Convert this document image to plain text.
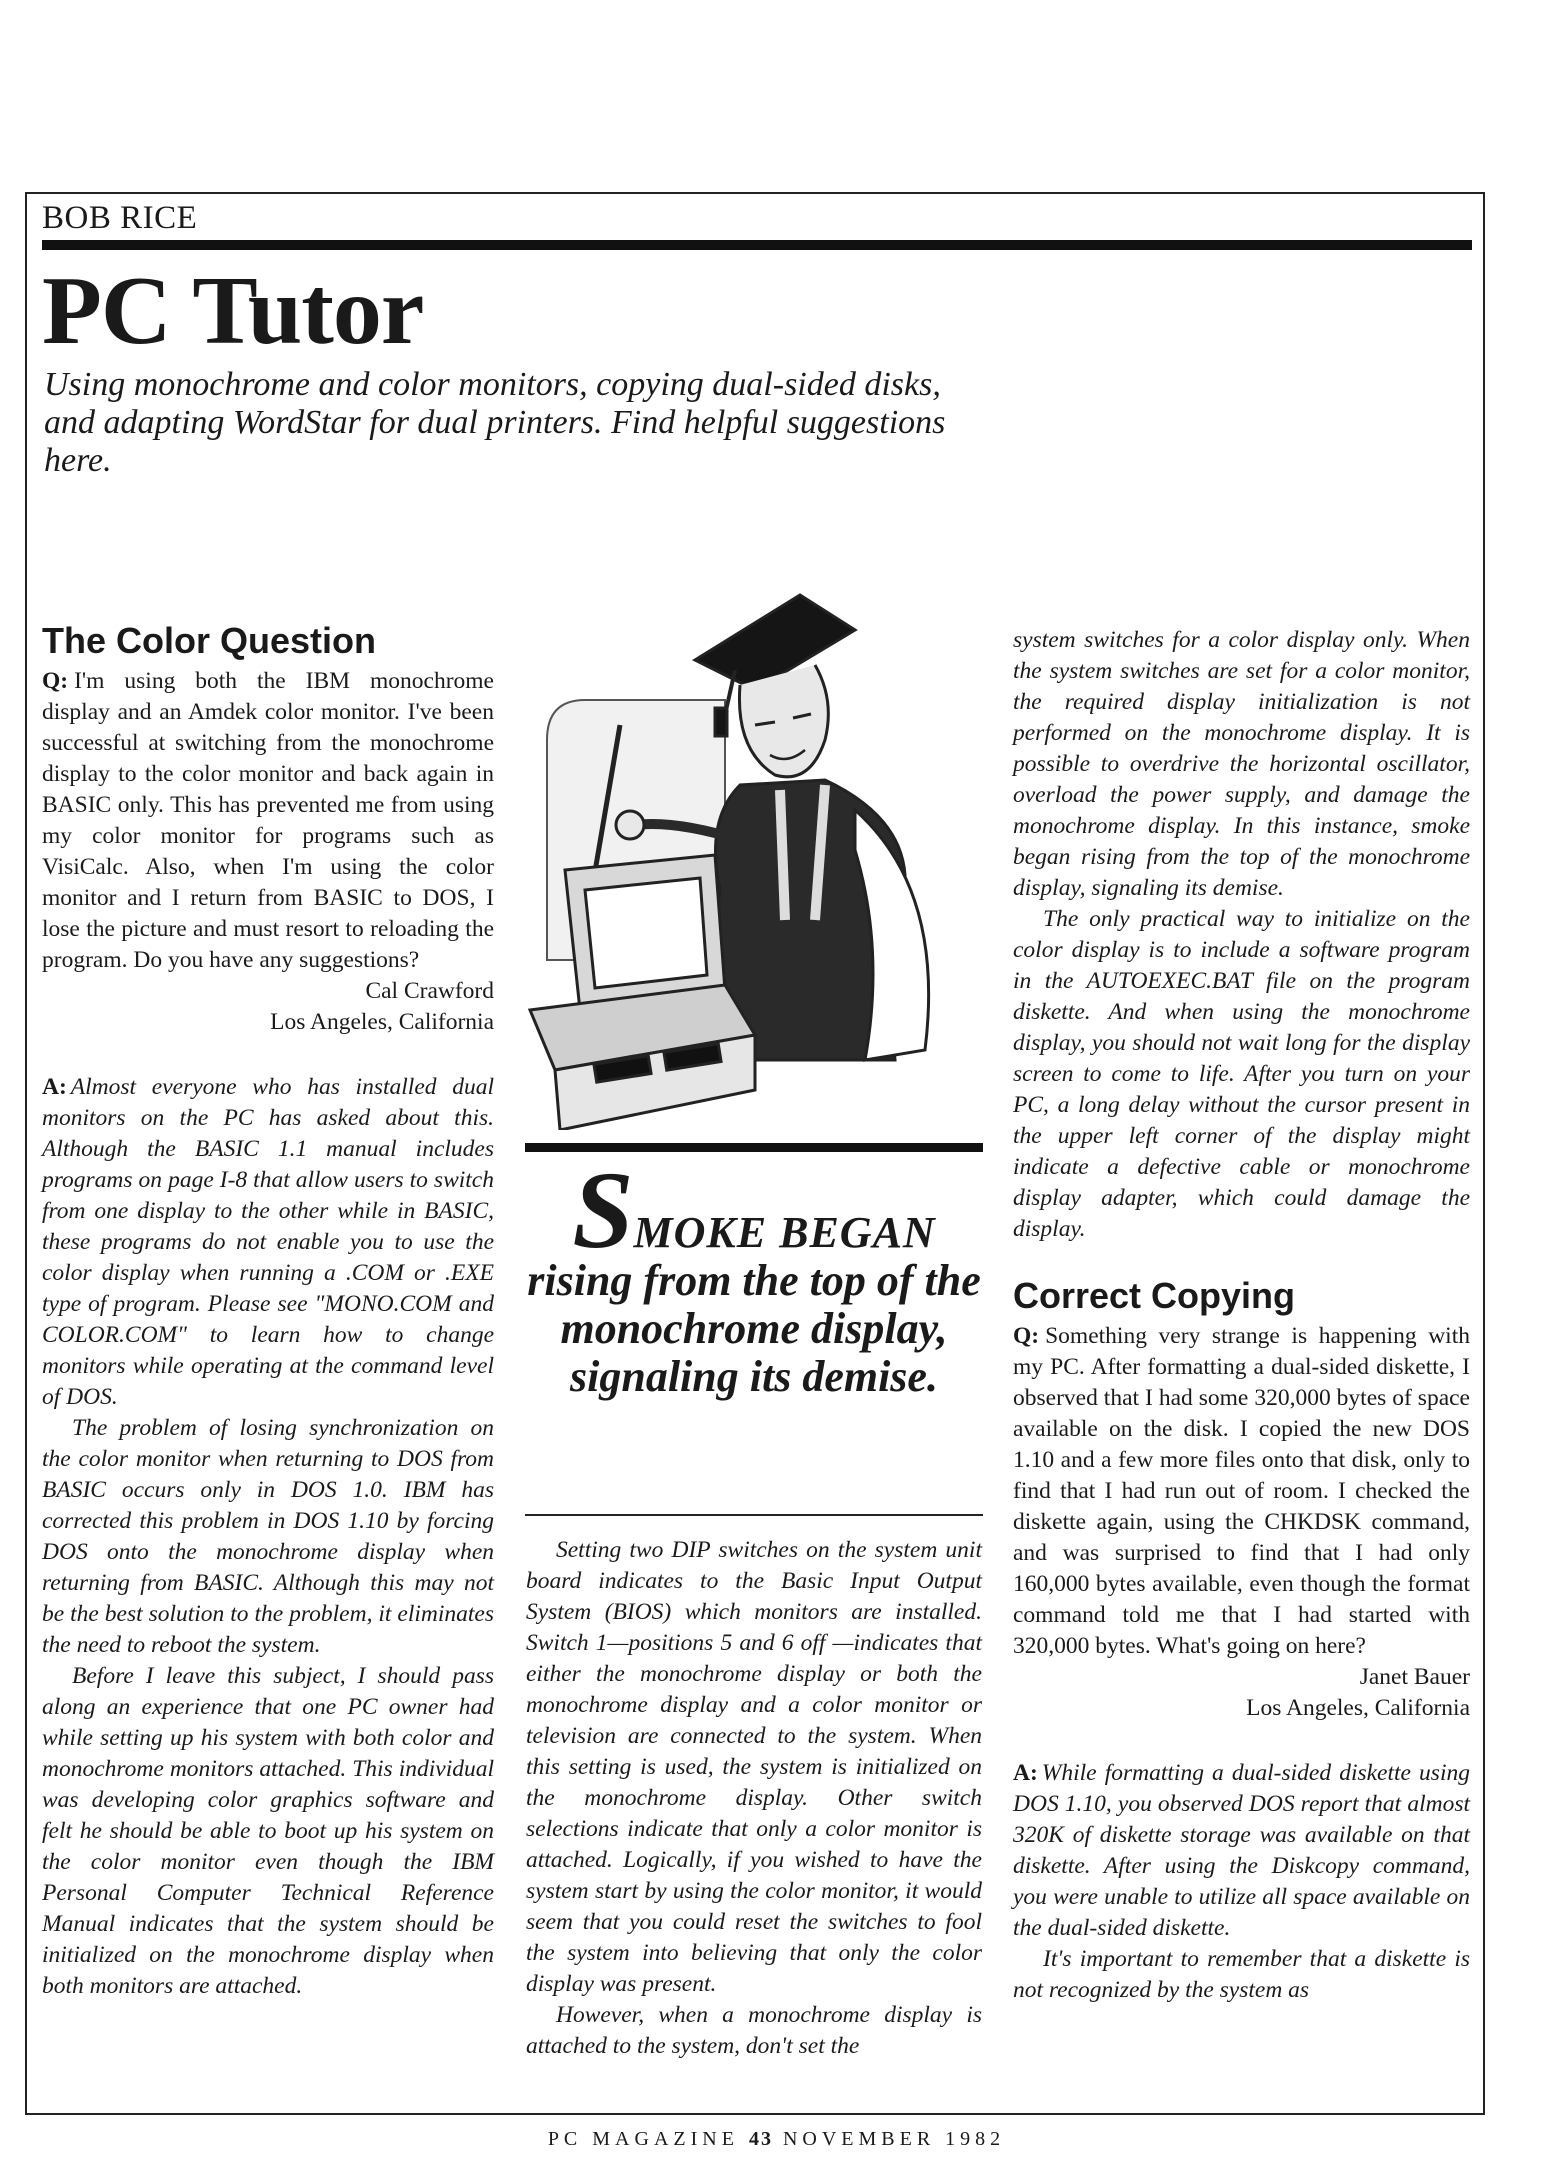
BOB RICE
PC Tutor

Using monochrome and color monitors, copying dual-sided disks, and adapting WordStar for dual printers. Find helpful suggestions here.

The Color Question

Q: I'm using both the IBM monochrome display and an Amdek color monitor. I've been successful at switching from the monochrome display to the color monitor and back again in BASIC only. This has prevented me from using my color monitor for programs such as VisiCalc. Also, when I'm using the color monitor and I return from BASIC to DOS, I lose the picture and must resort to reloading the program. Do you have any suggestions?

Cal Crawford

Los Angeles, California

A: Almost everyone who has installed dual monitors on the PC has asked about this. Although the BASIC 1.1 manual includes programs on page I-8 that allow users to switch from one display to the other while in BASIC, these programs do not enable you to use the color display when running a .COM or .EXE type of program. Please see "MONO.COM and COLOR.COM" to learn how to change monitors while operating at the command level of DOS.

The problem of losing synchronization on the color monitor when returning to DOS from BASIC occurs only in DOS 1.0. IBM has corrected this problem in DOS 1.10 by forcing DOS onto the monochrome display when returning from BASIC. Although this may not be the best solution to the problem, it eliminates the need to reboot the system.

Before I leave this subject, I should pass along an experience that one PC owner had while setting up his system with both color and monochrome monitors attached. This individual was developing color graphics software and felt he should be able to boot up his system on the color monitor even though the IBM Personal Computer Technical Reference Manual indicates that the system should be initialized on the monochrome display when both monitors are attached.

SMOKE BEGAN
rising from the top of the monochrome display, signaling its demise.

Setting two DIP switches on the system unit board indicates to the Basic Input Output System (BIOS) which monitors are installed. Switch 1—positions 5 and 6 off —indicates that either the monochrome display or both the monochrome display and a color monitor or television are connected to the system. When this setting is used, the system is initialized on the monochrome display. Other switch selections indicate that only a color monitor is attached. Logically, if you wished to have the system start by using the color monitor, it would seem that you could reset the switches to fool the system into believing that only the color display was present.

However, when a monochrome display is attached to the system, don't set the

system switches for a color display only. When the system switches are set for a color monitor, the required display initialization is not performed on the monochrome display. It is possible to overdrive the horizontal oscillator, overload the power supply, and damage the monochrome display. In this instance, smoke began rising from the top of the monochrome display, signaling its demise.

The only practical way to initialize on the color display is to include a software program in the AUTOEXEC.BAT file on the program diskette. And when using the monochrome display, you should not wait long for the display screen to come to life. After you turn on your PC, a long delay without the cursor present in the upper left corner of the display might indicate a defective cable or monochrome display adapter, which could damage the display.

Correct Copying

Q: Something very strange is happening with my PC. After formatting a dual-sided diskette, I observed that I had some 320,000 bytes of space available on the disk. I copied the new DOS 1.10 and a few more files onto that disk, only to find that I had run out of room. I checked the diskette again, using the CHKDSK command, and was surprised to find that I had only 160,000 bytes available, even though the format command told me that I had started with 320,000 bytes. What's going on here?

Janet Bauer

Los Angeles, California

A: While formatting a dual-sided diskette using DOS 1.10, you observed DOS report that almost 320K of diskette storage was available on that diskette. After using the Diskcopy command, you were unable to utilize all space available on the dual-sided diskette.

It's important to remember that a diskette is not recognized by the system as

PC MAGAZINE 43 NOVEMBER 1982
